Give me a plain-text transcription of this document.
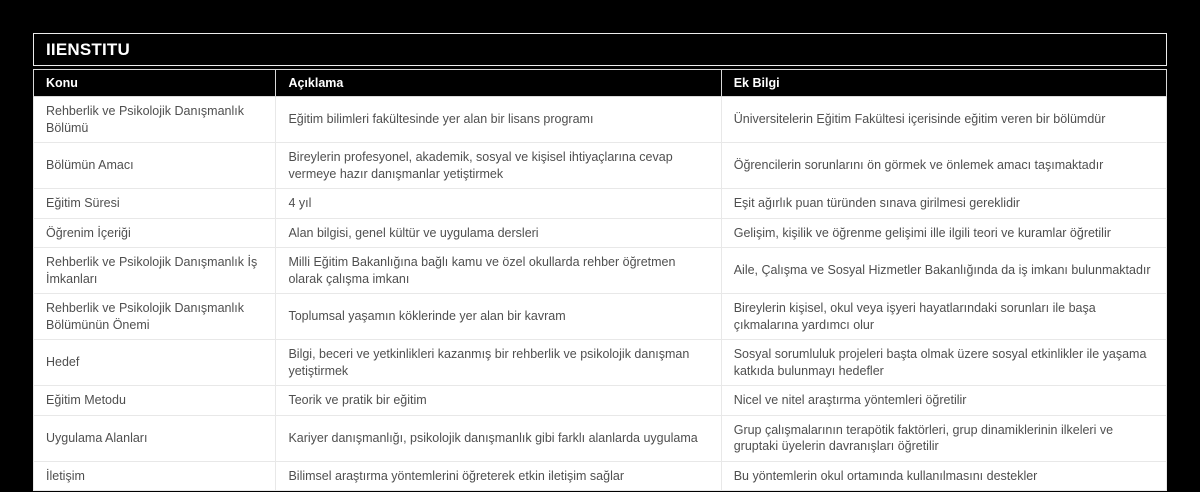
IIENSTITU
Konu	Açıklama	Ek Bilgi
Rehberlik ve Psikolojik Danışmanlık Bölümü	Eğitim bilimleri fakültesinde yer alan bir lisans programı	Üniversitelerin Eğitim Fakültesi içerisinde eğitim veren bir bölümdür
Bölümün Amacı	Bireylerin profesyonel, akademik, sosyal ve kişisel ihtiyaçlarına cevap vermeye hazır danışmanlar yetiştirmek	Öğrencilerin sorunlarını ön görmek ve önlemek amacı taşımaktadır
Eğitim Süresi	4 yıl	Eşit ağırlık puan türünden sınava girilmesi gereklidir
Öğrenim İçeriği	Alan bilgisi, genel kültür ve uygulama dersleri	Gelişim, kişilik ve öğrenme gelişimi ille ilgili teori ve kuramlar öğretilir
Rehberlik ve Psikolojik Danışmanlık İş İmkanları	Milli Eğitim Bakanlığına bağlı kamu ve özel okullarda rehber öğretmen olarak çalışma imkanı	Aile, Çalışma ve Sosyal Hizmetler Bakanlığında da iş imkanı bulunmaktadır
Rehberlik ve Psikolojik Danışmanlık Bölümünün Önemi	Toplumsal yaşamın köklerinde yer alan bir kavram	Bireylerin kişisel, okul veya işyeri hayatlarındaki sorunları ile başa çıkmalarına yardımcı olur
Hedef	Bilgi, beceri ve yetkinlikleri kazanmış bir rehberlik ve psikolojik danışman yetiştirmek	Sosyal sorumluluk projeleri başta olmak üzere sosyal etkinlikler ile yaşama katkıda bulunmayı hedefler
Eğitim Metodu	Teorik ve pratik bir eğitim	Nicel ve nitel araştırma yöntemleri öğretilir
Uygulama Alanları	Kariyer danışmanlığı, psikolojik danışmanlık gibi farklı alanlarda uygulama	Grup çalışmalarının terapötik faktörleri, grup dinamiklerinin ilkeleri ve gruptaki üyelerin davranışları öğretilir
İletişim	Bilimsel araştırma yöntemlerini öğreterek etkin iletişim sağlar	Bu yöntemlerin okul ortamında kullanılmasını destekler
